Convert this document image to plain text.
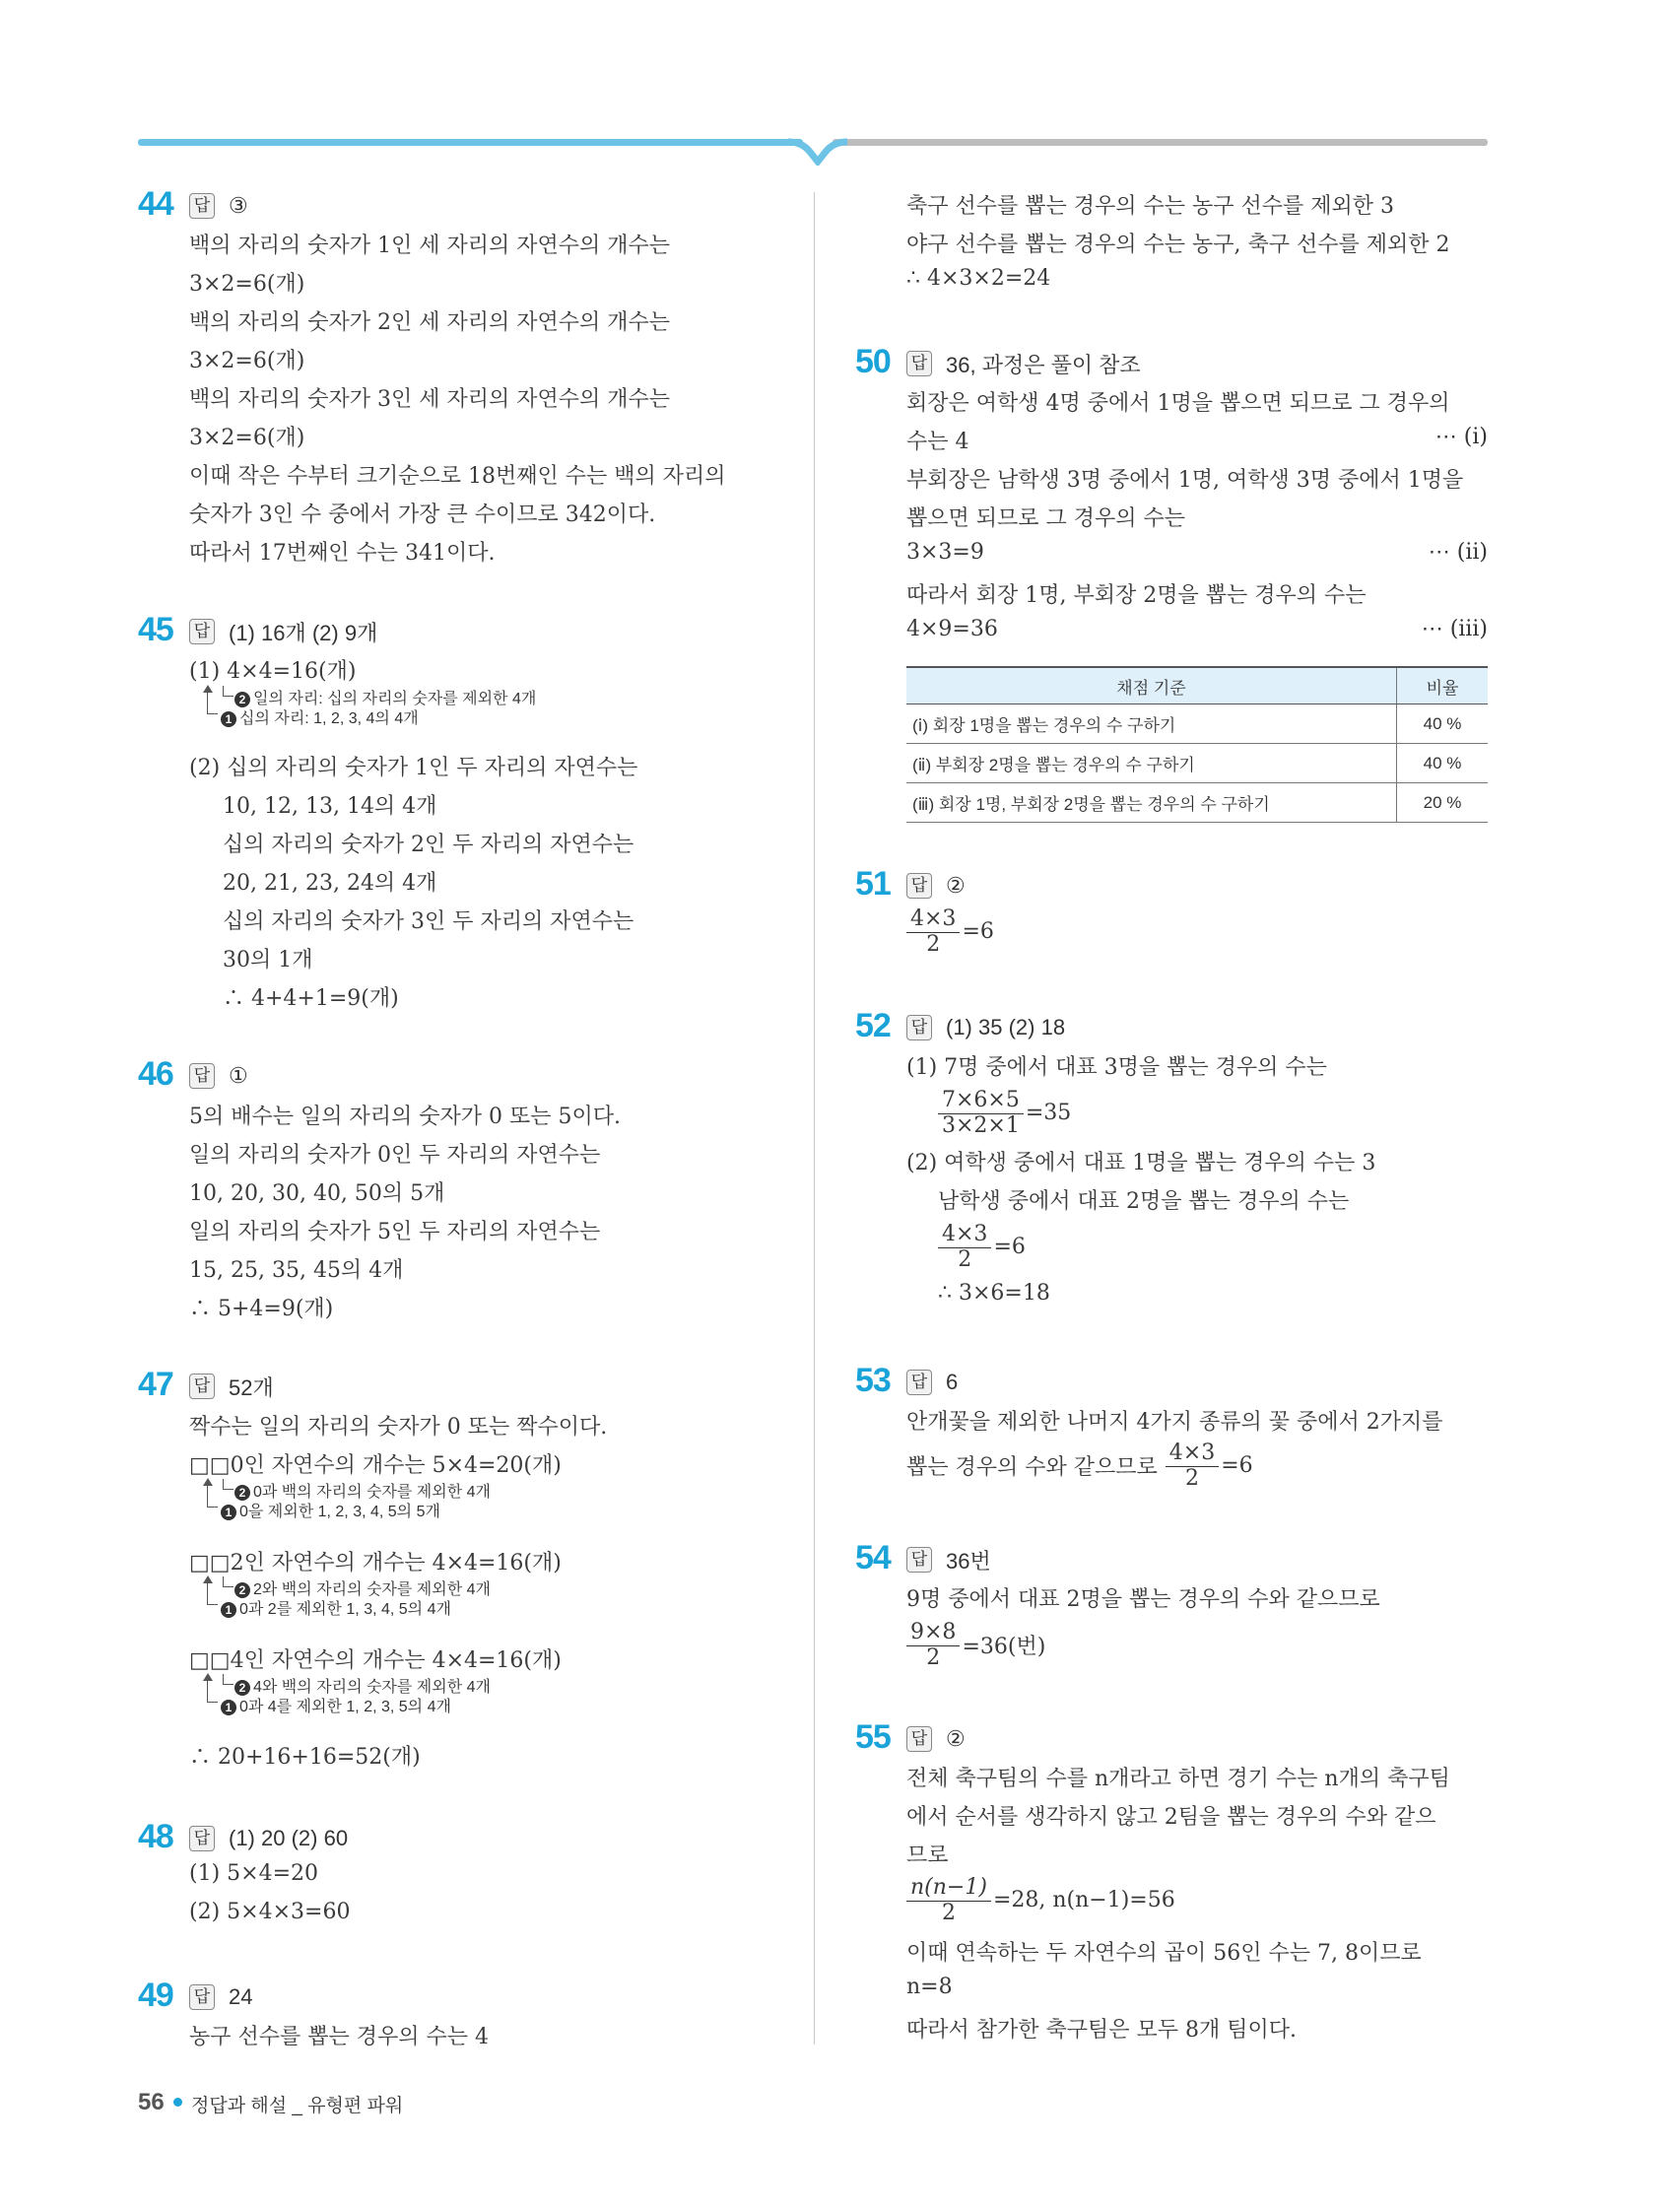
44 답 ③
백의 자리의 숫자가 1인 세 자리의 자연수의 개수는
3×2=6(개)
백의 자리의 숫자가 2인 세 자리의 자연수의 개수는
3×2=6(개)
백의 자리의 숫자가 3인 세 자리의 자연수의 개수는
3×2=6(개)
이때 작은 수부터 크기순으로 18번째인 수는 백의 자리의
숫자가 3인 수 중에서 가장 큰 수이므로 342이다.
따라서 17번째인 수는 341이다.
45 답 (1) 16개 (2) 9개
(1) 4×4=16(개)
2 일의 자리: 십의 자리의 숫자를 제외한 4개
1 십의 자리: 1, 2, 3, 4의 4개
(2) 십의 자리의 숫자가 1인 두 자리의 자연수는
10, 12, 13, 14의 4개
십의 자리의 숫자가 2인 두 자리의 자연수는
20, 21, 23, 24의 4개
십의 자리의 숫자가 3인 두 자리의 자연수는
30의 1개
∴ 4+4+1=9(개)
46 답 ①
5의 배수는 일의 자리의 숫자가 0 또는 5이다.
일의 자리의 숫자가 0인 두 자리의 자연수는
10, 20, 30, 40, 50의 5개
일의 자리의 숫자가 5인 두 자리의 자연수는
15, 25, 35, 45의 4개
∴ 5+4=9(개)
47 답 52개
짝수는 일의 자리의 숫자가 0 또는 짝수이다.
□□0인 자연수의 개수는 5×4=20(개)
2 0과 백의 자리의 숫자를 제외한 4개
1 0을 제외한 1, 2, 3, 4, 5의 5개
□□2인 자연수의 개수는 4×4=16(개)
2 2와 백의 자리의 숫자를 제외한 4개
1 0과 2를 제외한 1, 3, 4, 5의 4개
□□4인 자연수의 개수는 4×4=16(개)
2 4와 백의 자리의 숫자를 제외한 4개
1 0과 4를 제외한 1, 2, 3, 5의 4개
∴ 20+16+16=52(개)
48 답 (1) 20 (2) 60
(1) 5×4=20
(2) 5×4×3=60
49 답 24
농구 선수를 뽑는 경우의 수는 4
축구 선수를 뽑는 경우의 수는 농구 선수를 제외한 3
야구 선수를 뽑는 경우의 수는 농구, 축구 선수를 제외한 2
∴ 4×3×2=24
50 답 36, 과정은 풀이 참조
회장은 여학생 4명 중에서 1명을 뽑으면 되므로 그 경우의
수는 4	⋯ (ⅰ)
부회장은 남학생 3명 중에서 1명, 여학생 3명 중에서 1명을
뽑으면 되므로 그 경우의 수는
3×3=9	⋯ (ⅱ)
따라서 회장 1명, 부회장 2명을 뽑는 경우의 수는
4×9=36	⋯ (ⅲ)
채점 기준	비율
(ⅰ) 회장 1명을 뽑는 경우의 수 구하기	40 %
(ⅱ) 부회장 2명을 뽑는 경우의 수 구하기	40 %
(ⅲ) 회장 1명, 부회장 2명을 뽑는 경우의 수 구하기	20 %
51 답 ②
$\frac{4\times 3}{2} =6$
52 답 (1) 35 (2) 18
(1) 7명 중에서 대표 3명을 뽑는 경우의 수는
$\frac{7\times 6\times 5}{3\times 2\times 1} =35$
(2) 여학생 중에서 대표 1명을 뽑는 경우의 수는 3
남학생 중에서 대표 2명을 뽑는 경우의 수는
$\frac{4\times 3}{2} =6$
∴ 3×6=18
53 답 6
안개꽃을 제외한 나머지 4가지 종류의 꽃 중에서 2가지를
뽑는 경우의 수와 같으므로 $\frac{4\times 3}{2} =6$
54 답 36번
9명 중에서 대표 2명을 뽑는 경우의 수와 같으므로
$\frac{9\times 8}{2} =36$(번)
55 답 ②
전체 축구팀의 수를 n개라고 하면 경기 수는 n개의 축구팀
에서 순서를 생각하지 않고 2팀을 뽑는 경우의 수와 같으
므로
$\frac{n(n-1)}{2} =28$, n(n−1)=56
이때 연속하는 두 자연수의 곱이 56인 수는 7, 8이므로
n=8
따라서 참가한 축구팀은 모두 8개 팀이다.
56 정답과 해설 _ 유형편 파워
